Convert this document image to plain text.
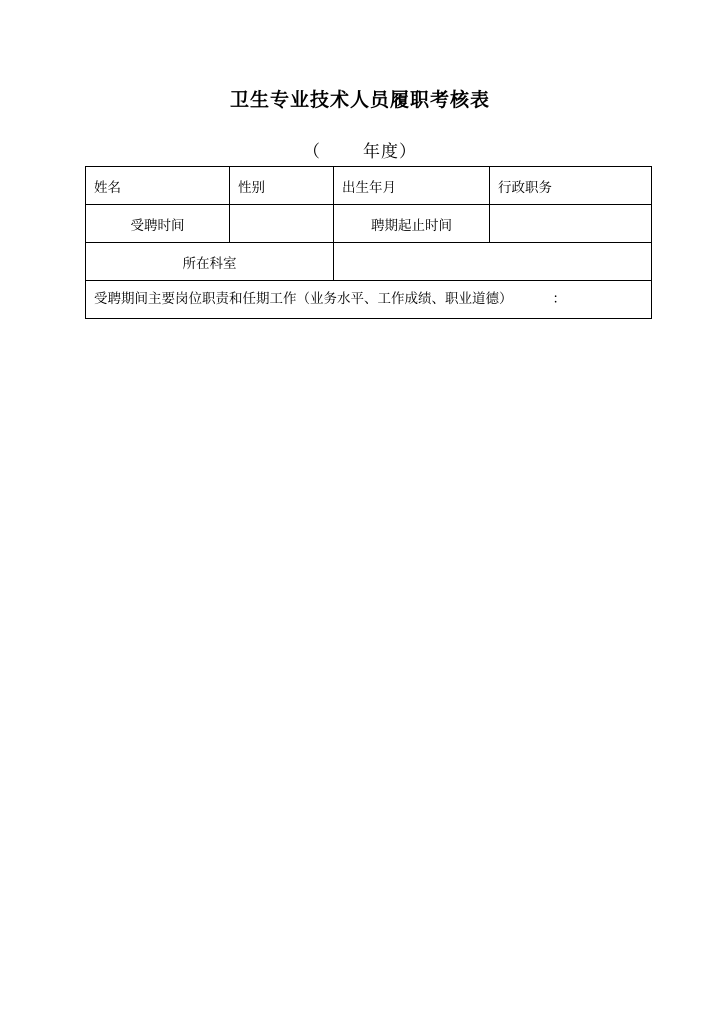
卫生专业技术人员履职考核表
（        年度）
姓名	性别	出生年月	行政职务
受聘时间		聘期起止时间	
所在科室			

受聘期间主要岗位职责和任期工作（业务水平、工作成绩、职业道德） ：			
